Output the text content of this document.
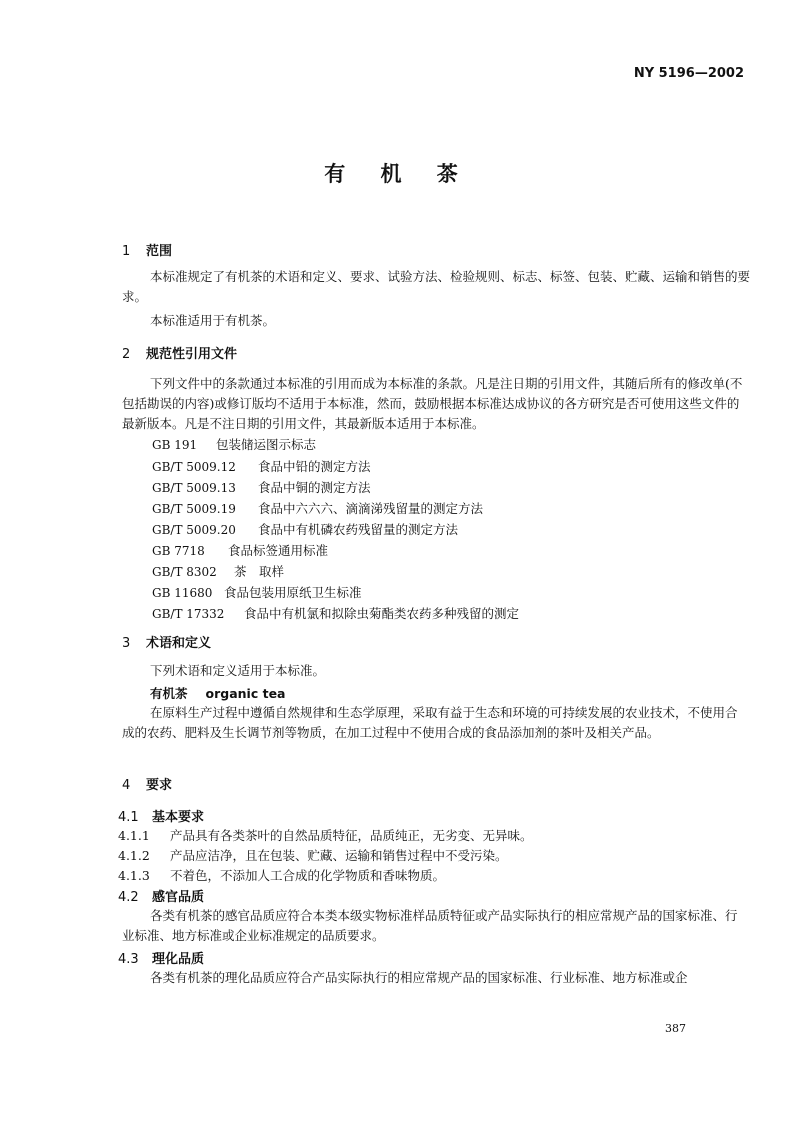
NY 5196—2002
有 机 茶
1 范围
本标准规定了有机茶的术语和定义、要求、试验方法、检验规则、标志、标签、包装、贮藏、运输和销售的要求。
本标准适用于有机茶。
2 规范性引用文件
下列文件中的条款通过本标准的引用而成为本标准的条款。凡是注日期的引用文件，其随后所有的修改单(不包括勘误的内容)或修订版均不适用于本标准，然而，鼓励根据本标准达成协议的各方研究是否可使用这些文件的最新版本。凡是不注日期的引用文件，其最新版本适用于本标准。
GB 191 包装储运图示标志
GB/T 5009.12 食品中铅的测定方法
GB/T 5009.13 食品中铜的测定方法
GB/T 5009.19 食品中六六六、滴滴涕残留量的测定方法
GB/T 5009.20 食品中有机磷农药残留量的测定方法
GB 7718 食品标签通用标准
GB/T 8302 茶　取样
GB 11680 食品包装用原纸卫生标准
GB/T 17332 食品中有机氯和拟除虫菊酯类农药多种残留的测定
3 术语和定义
下列术语和定义适用于本标准。
有机茶 organic tea
在原料生产过程中遵循自然规律和生态学原理，采取有益于生态和环境的可持续发展的农业技术，不使用合成的农药、肥料及生长调节剂等物质，在加工过程中不使用合成的食品添加剂的茶叶及相关产品。
4 要求
4.1 基本要求
4.1.1 产品具有各类茶叶的自然品质特征，品质纯正，无劣变、无异味。
4.1.2 产品应洁净，且在包装、贮藏、运输和销售过程中不受污染。
4.1.3 不着色，不添加人工合成的化学物质和香味物质。
4.2 感官品质
各类有机茶的感官品质应符合本类本级实物标准样品质特征或产品实际执行的相应常规产品的国家标准、行业标准、地方标准或企业标准规定的品质要求。
4.3 理化品质
各类有机茶的理化品质应符合产品实际执行的相应常规产品的国家标准、行业标准、地方标准或企
387
